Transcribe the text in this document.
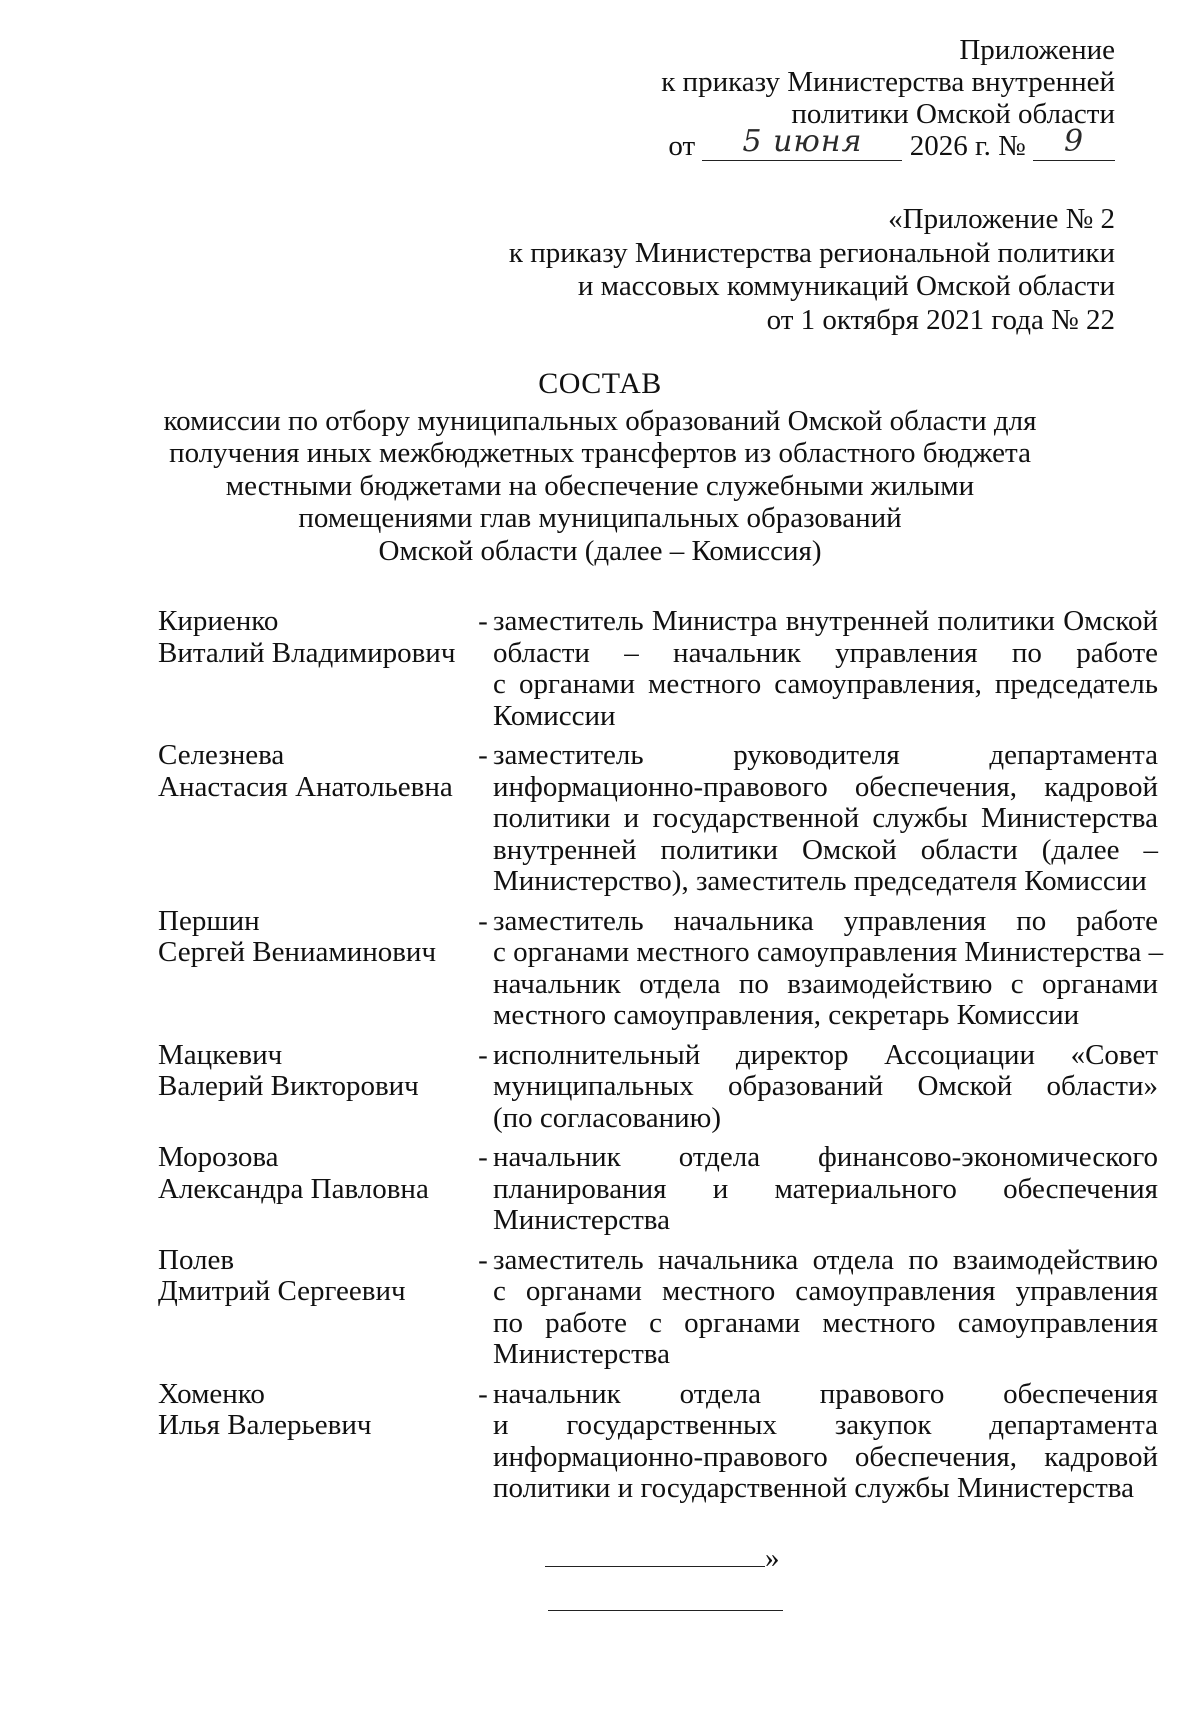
Приложение
к приказу Министерства внутренней
политики Омской области
от 5 июня 2026 г. № 9
«Приложение № 2
к приказу Министерства региональной политики
и массовых коммуникаций Омской области
от 1 октября 2021 года № 22
СОСТАВ
комиссии по отбору муниципальных образований Омской области для
получения иных межбюджетных трансфертов из областного бюджета
местными бюджетами на обеспечение служебными жилыми
помещениями глав муниципальных образований
Омской области (далее – Комиссия)
Кириенко
Виталий Владимирович
- заместитель Министра внутренней политики Омской
области – начальник управления по работе
с органами местного самоуправления, председатель
Комиссии
Селезнева
Анастасия Анатольевна
- заместитель руководителя департамента
информационно-правового обеспечения, кадровой
политики и государственной службы Министерства
внутренней политики Омской области (далее –
Министерство), заместитель председателя Комиссии
Першин
Сергей Вениаминович
- заместитель начальника управления по работе
с органами местного самоуправления Министерства –
начальник отдела по взаимодействию с органами
местного самоуправления, секретарь Комиссии
Мацкевич
Валерий Викторович
- исполнительный директор Ассоциации «Совет
муниципальных образований Омской области»
(по согласованию)
Морозова
Александра Павловна
- начальник отдела финансово-экономического
планирования и материального обеспечения
Министерства
Полев
Дмитрий Сергеевич
- заместитель начальника отдела по взаимодействию
с органами местного самоуправления управления
по работе с органами местного самоуправления
Министерства
Хоменко
Илья Валерьевич
- начальник отдела правового обеспечения
и государственных закупок департамента
информационно-правового обеспечения, кадровой
политики и государственной службы Министерства
»
